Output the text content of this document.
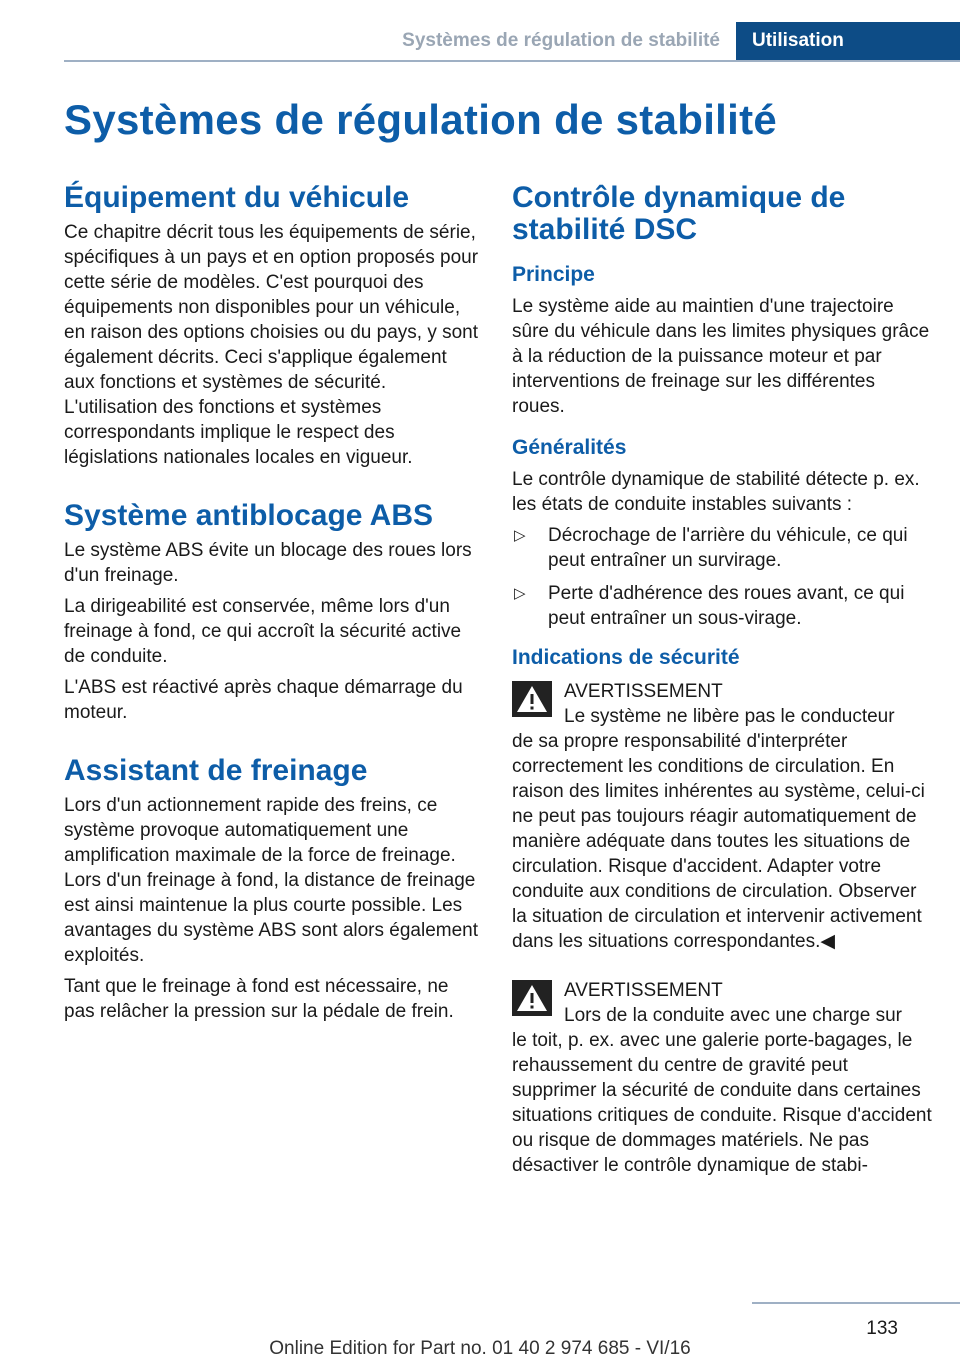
Systèmes de régulation de stabilité	Utilisation
Systèmes de régulation de stabilité
Équipement du véhicule

Ce chapitre décrit tous les équipements de série, spécifiques à un pays et en option proposés pour cette série de modèles. C'est pourquoi des équipements non disponibles pour un véhicule, en raison des options choisies ou du pays, y sont également décrits. Ceci s'applique également aux fonctions et systèmes de sécurité. L'utilisation des fonctions et systèmes correspondants implique le respect des législations nationales locales en vigueur.

Système antiblocage ABS

Le système ABS évite un blocage des roues lors d'un freinage.

La dirigeabilité est conservée, même lors d'un freinage à fond, ce qui accroît la sécurité active de conduite.

L'ABS est réactivé après chaque démarrage du moteur.

Assistant de freinage

Lors d'un actionnement rapide des freins, ce système provoque automatiquement une amplification maximale de la force de freinage. Lors d'un freinage à fond, la distance de freinage est ainsi maintenue la plus courte possible. Les avantages du système ABS sont alors également exploités.

Tant que le freinage à fond est nécessaire, ne pas relâcher la pression sur la pédale de frein.

Contrôle dynamique de stabilité DSC
Principe

Le système aide au maintien d'une trajectoire sûre du véhicule dans les limites physiques grâce à la réduction de la puissance moteur et par interventions de freinage sur les différentes roues.

Généralités

Le contrôle dynamique de stabilité détecte p. ex. les états de conduite instables suivants :

▷	Décrochage de l'arrière du véhicule, ce qui peut entraîner un survirage.
▷	Perte d'adhérence des roues avant, ce qui peut entraîner un sous-virage.
Indications de sécurité
AVERTISSEMENT
Le système ne libère pas le conducteur

de sa propre responsabilité d'interpréter correctement les conditions de circulation. En raison des limites inhérentes au système, celui-ci ne peut pas toujours réagir automatiquement de manière adéquate dans toutes les situations de circulation. Risque d'accident. Adapter votre conduite aux conditions de circulation. Observer la situation de circulation et intervenir activement dans les situations correspondantes.◀

AVERTISSEMENT
Lors de la conduite avec une charge sur

le toit, p. ex. avec une galerie porte-bagages, le rehaussement du centre de gravité peut supprimer la sécurité de conduite dans certaines situations critiques de conduite. Risque d'accident ou risque de dommages matériels. Ne pas désactiver le contrôle dynamique de stabi-

133
Online Edition for Part no. 01 40 2 974 685 - VI/16
